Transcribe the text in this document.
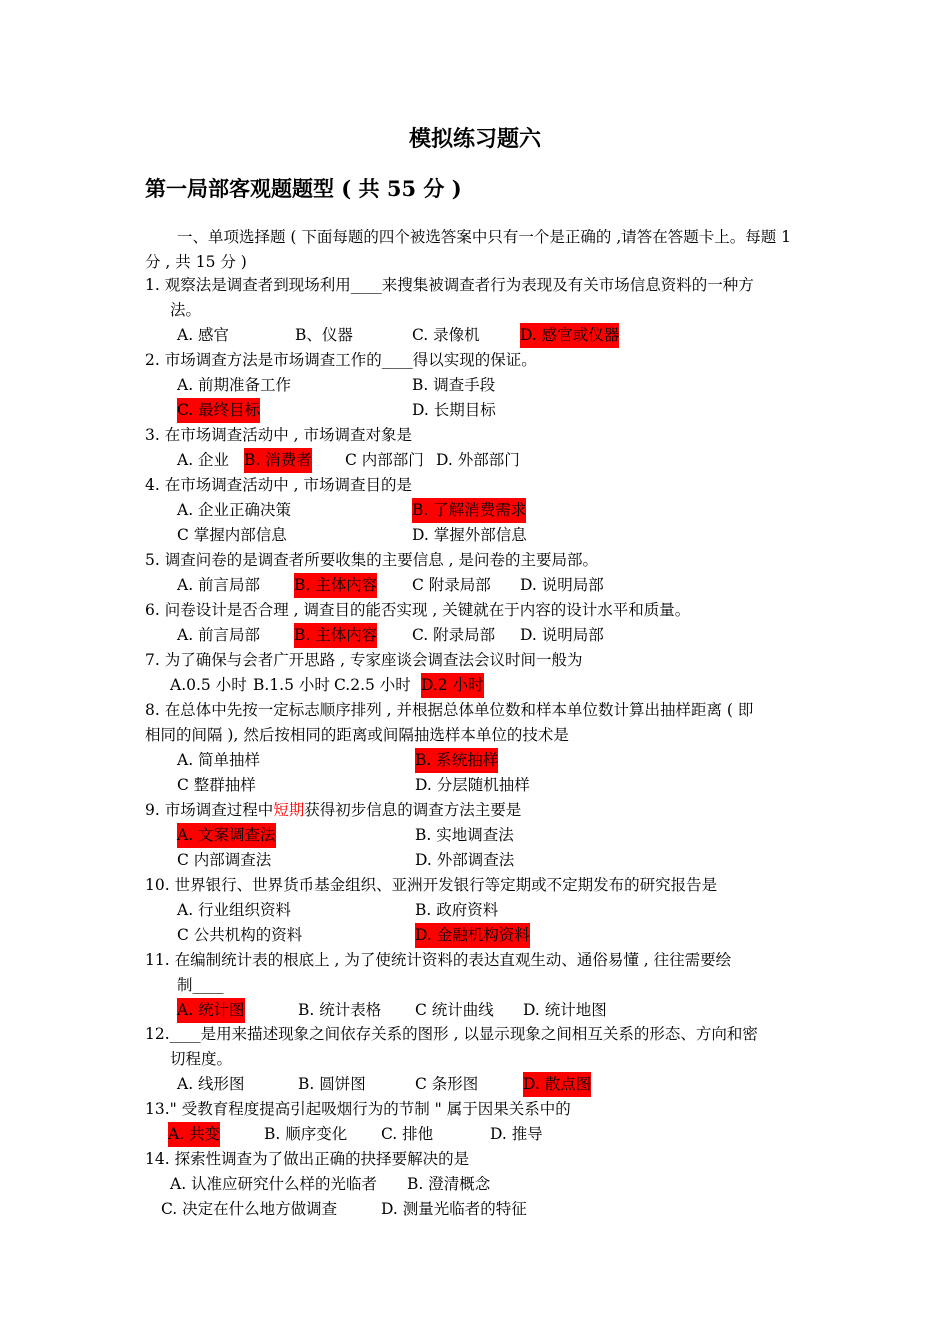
模拟练习题六
第一局部客观题题型 ( 共 55 分 )
一、单项选择题 ( 下面每题的四个被选答案中只有一个是正确的 ,请答在答题卡上。每题 1 分 , 共 15 分 )
1. 观察法是调查者到现场利用____来搜集被调查者行为表现及有关市场信息资料的一种方
法。
A. 感官	B、仪器	C. 录像机	D. 感官或仪器
2. 市场调查方法是市场调查工作的____得以实现的保证。
A. 前期准备工作	B. 调查手段
C. 最终目标	D. 长期目标
3. 在市场调查活动中 , 市场调查对象是
A. 企业 B. 消费者 C 内部部门 D. 外部部门
4. 在市场调查活动中 , 市场调查目的是
A. 企业正确决策	B. 了解消费需求
C 掌握内部信息	D. 掌握外部信息
5. 调查问卷的是调查者所要收集的主要信息 , 是问卷的主要局部。
A. 前言局部 B. 主体内容 C 附录局部 D. 说明局部
6. 问卷设计是否合理 , 调查目的能否实现 , 关键就在于内容的设计水平和质量。
A. 前言局部 B. 主体内容 C. 附录局部 D. 说明局部
7. 为了确保与会者广开思路 , 专家座谈会调查法会议时间一般为
A.0.5 小时 B.1.5 小时 C.2.5 小时 D.2 小时
8. 在总体中先按一定标志顺序排列 , 并根据总体单位数和样本单位数计算出抽样距离 ( 即
相同的间隔 ), 然后按相同的距离或间隔抽选样本单位的技术是
A. 简单抽样	B. 系统抽样
C 整群抽样	D. 分层随机抽样
9. 市场调查过程中短期获得初步信息的调查方法主要是
A. 文案调查法	B. 实地调查法
C 内部调查法	D. 外部调查法
10. 世界银行、世界货币基金组织、亚洲开发银行等定期或不定期发布的研究报告是
A. 行业组织资料	B. 政府资料
C 公共机构的资料	D. 金融机构资料
11. 在编制统计表的根底上 , 为了使统计资料的表达直观生动、通俗易懂 , 往往需要绘
制____
A. 统计图	B. 统计表格 C 统计曲线 D. 统计地图
12.____是用来描述现象之间依存关系的图形 , 以显示现象之间相互关系的形态、方向和密
切程度。
A. 线形图	B. 圆饼图	C 条形图	D. 散点图
13." 受教育程度提高引起吸烟行为的节制 " 属于因果关系中的
A. 共变	B. 顺序变化 C. 排他	D. 推导
14. 探索性调查为了做出正确的抉择要解决的是
A. 认准应研究什么样的光临者 B. 澄清概念
C. 决定在什么地方做调查	D. 测量光临者的特征
